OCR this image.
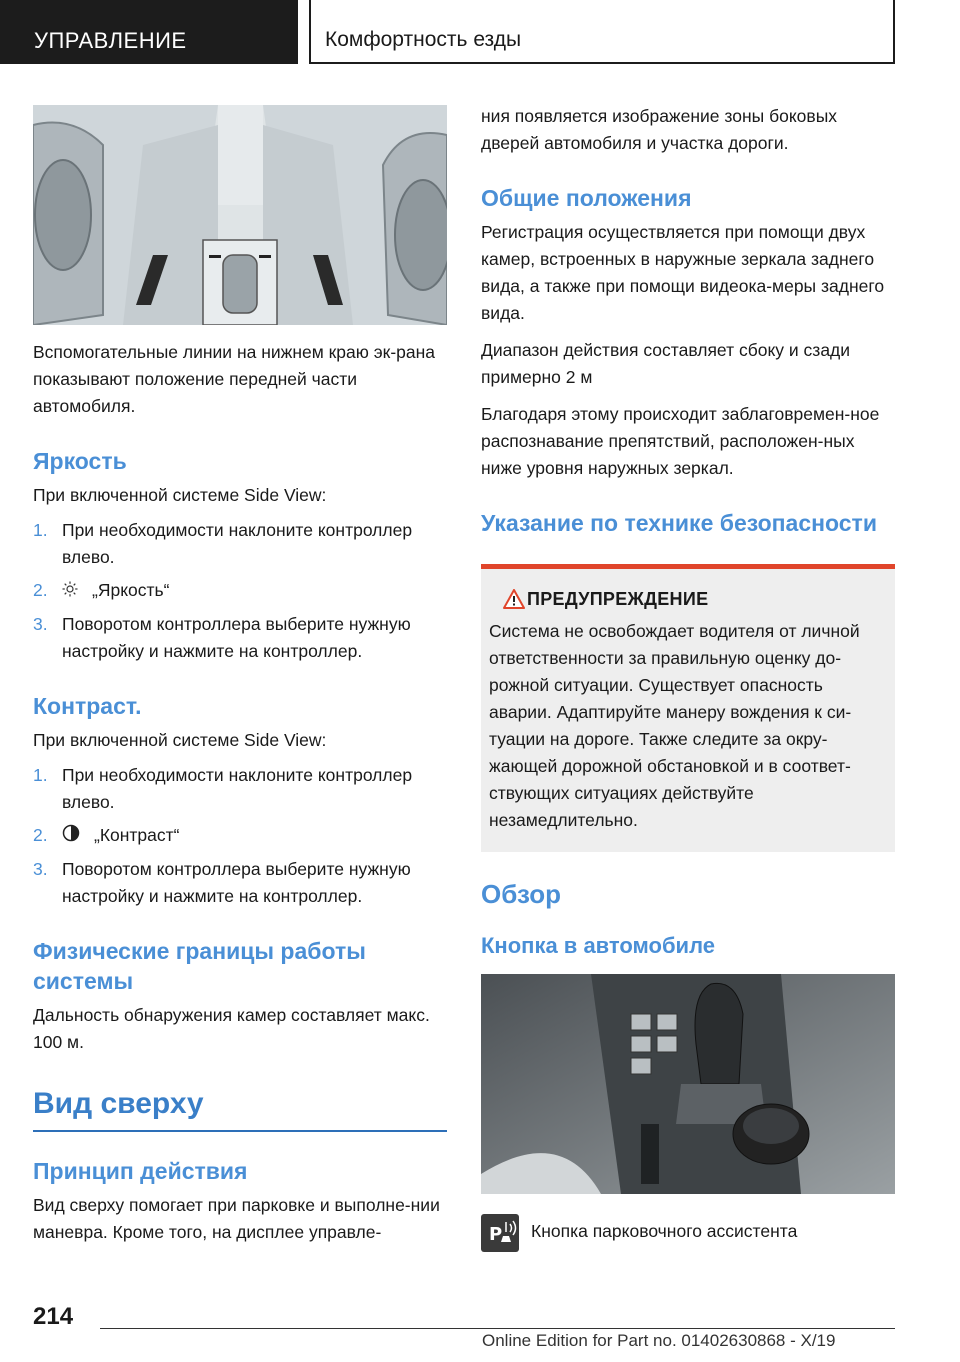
УПРАВЛЕНИЕ	Комфортность езды

Вспомогательные линии на нижнем краю эк-рана показывают положение передней части автомобиля.

Яркость

При включенной системе Side View:

1. При необходимости наклоните контроллер влево.
2.	„Яркость“
3. Поворотом контроллера выберите нужную настройку и нажмите на контроллер.
Контраст.

При включенной системе Side View:

1. При необходимости наклоните контроллер влево.
2.	„Контраст“
3. Поворотом контроллера выберите нужную настройку и нажмите на контроллер.
Физические границы работы системы

Дальность обнаружения камер составляет макс. 100 м.

Вид сверху
Принцип действия

Вид сверху помогает при парковке и выполне-нии маневра. Кроме того, на дисплее управле-

ния появляется изображение зоны боковых дверей автомобиля и участка дороги.

Общие положения

Регистрация осуществляется при помощи двух камер, встроенных в наружные зеркала заднего вида, а также при помощи видеока-меры заднего вида.

Диапазон действия составляет сбоку и сзади примерно 2 м

Благодаря этому происходит заблаговремен-ное распознавание препятствий, расположен-ных ниже уровня наружных зеркал.

Указание по технике безопасности
ПРЕДУПРЕЖДЕНИЕ

Система не освобождает водителя от личной ответственности за правильную оценку до-рожной ситуации. Существует опасность аварии. Адаптируйте манеру вождения к си-туации на дороге. Также следите за окру-жающей дорожной обстановкой и в соответ-ствующих ситуациях действуйте незамедлительно.

Обзор
Кнопка в автомобиле
P Кнопка парковочного ассистента

214
Online Edition for Part no. 01402630868 - X/19
